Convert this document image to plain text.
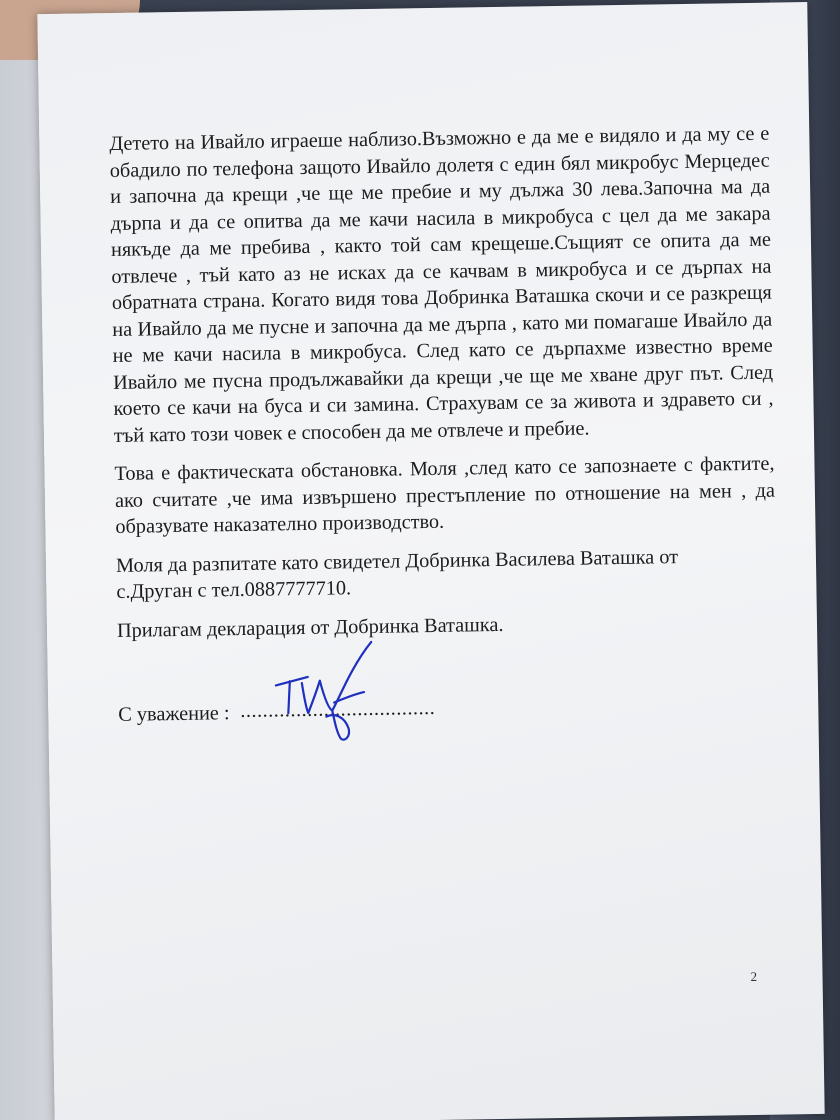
Детето на Ивайло играеше наблизо.Възможно е да ме е видяло и да му се е обадило по телефона защото Ивайло долетя с един бял микробус Мерцедес и започна да крещи ,че ще ме пребие и му дължа 30 лева.Започна ма да дърпа и да се опитва да ме качи насила в микробуса с цел да ме закара някъде да ме пребива , както той сам крещеше.Същият се опита да ме отвлече , тъй като аз не исках да се качвам в микробуса и се дърпах на обратната страна. Когато видя това Добринка Ваташка скочи и се разкрещя на Ивайло да ме пусне и започна да ме дърпа , като ми помагаше Ивайло да не ме качи насила в микробуса. След като се дърпахме известно време Ивайло ме пусна продължавайки да крещи ,че ще ме хване друг път. След което се качи на буса и си замина. Страхувам се за живота и здравето си , тъй като този човек е способен да ме отвлече и пребие.

Това е фактическата обстановка. Моля ,след като се запознаете с фактите, ако считате ,че има извършено престъпление по отношение на мен , да образувате наказателно производство.

Моля да разпитате като свидетел Добринка Василева Ваташка от

с.Друган с тел.0887777710.

Прилагам декларация от Добринка Ваташка.

С уважение : ...................................
2
